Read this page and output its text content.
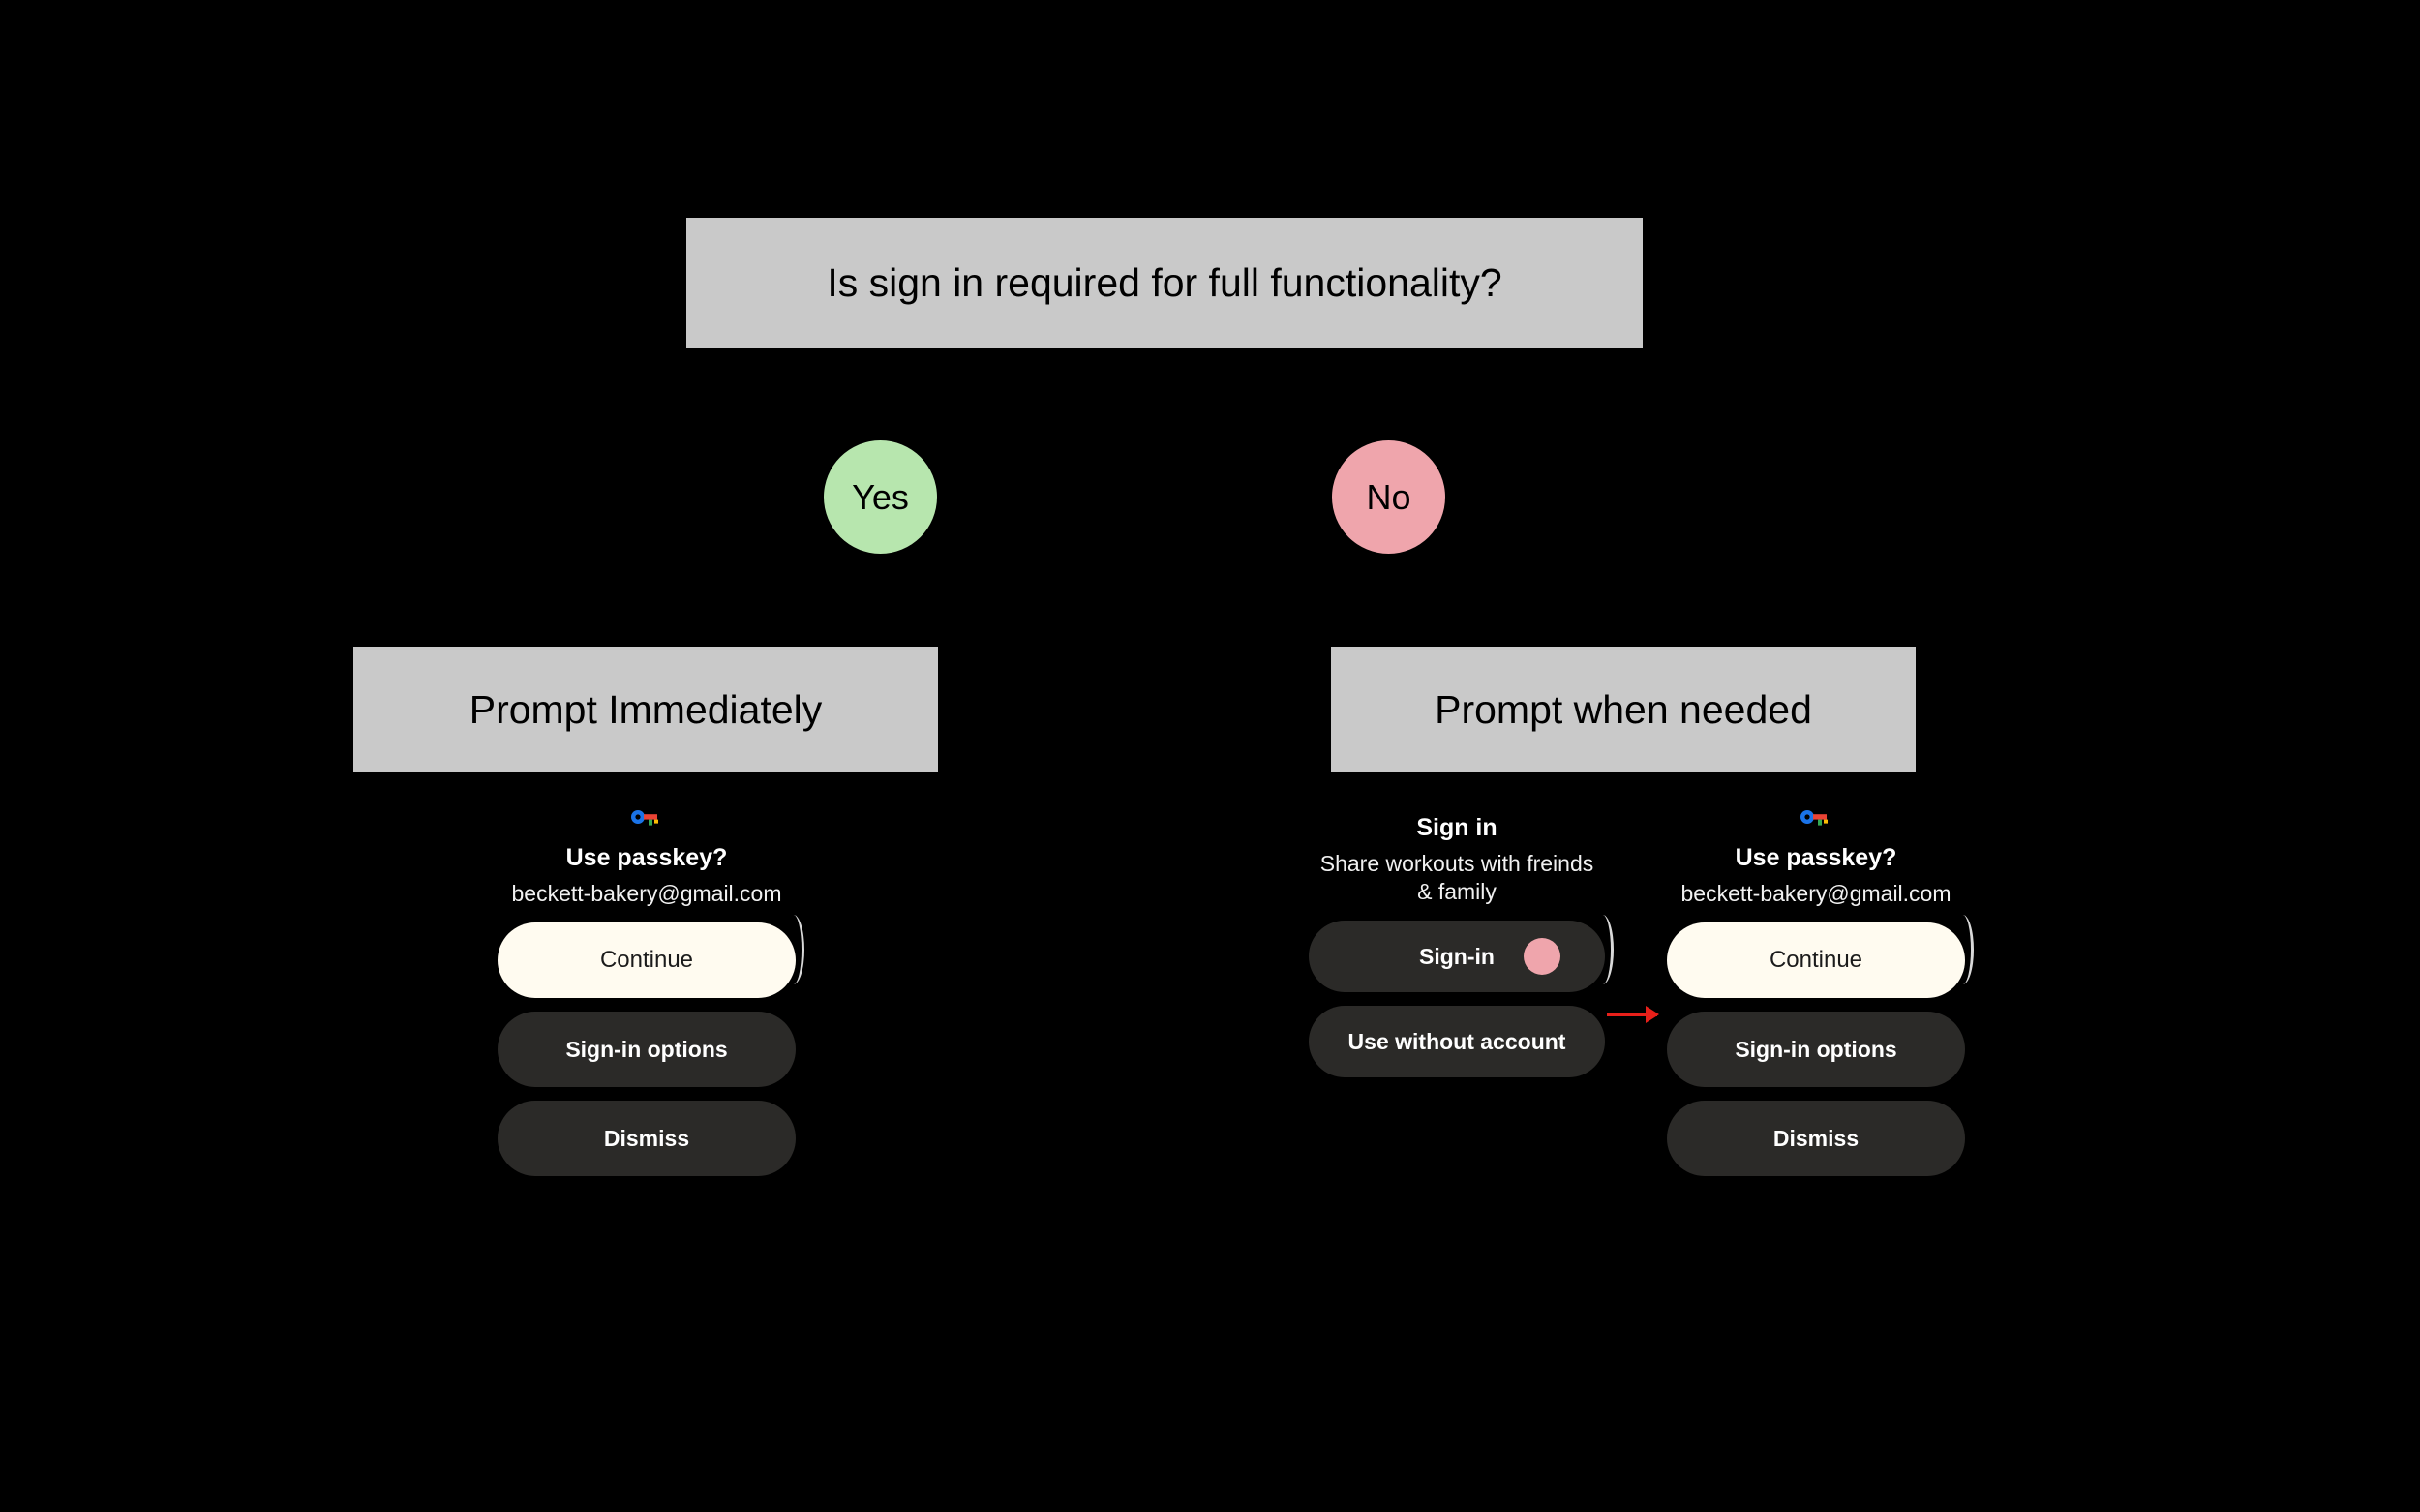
Is sign in required for full functionality?
Yes	No
Prompt Immediately	Prompt when needed
Use passkey?
beckett-bakery@gmail.com
Continue
Sign-in options
Dismiss
Sign in
Share workouts with freinds & family
Sign-in
Use without account
Use passkey?
beckett-bakery@gmail.com
Continue
Sign-in options
Dismiss
